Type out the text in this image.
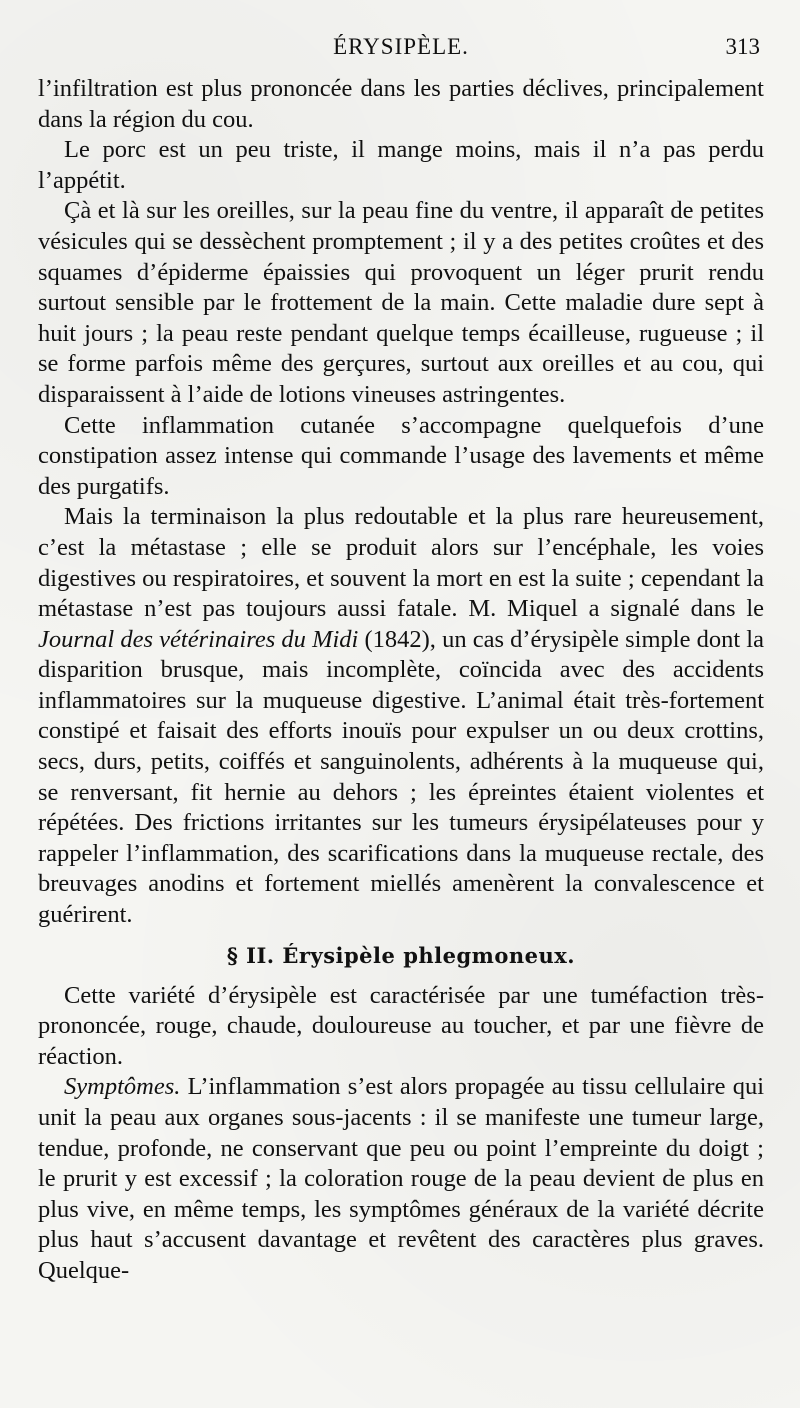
ÉRYSIPÈLE.	313

l’infiltration est plus prononcée dans les parties déclives, principalement dans la région du cou.

Le porc est un peu triste, il mange moins, mais il n’a pas perdu l’appétit.

Çà et là sur les oreilles, sur la peau fine du ventre, il apparaît de petites vésicules qui se dessèchent promptement ; il y a des petites croûtes et des squames d’épiderme épaissies qui provoquent un léger prurit rendu surtout sensible par le frottement de la main. Cette maladie dure sept à huit jours ; la peau reste pendant quelque temps écailleuse, rugueuse ; il se forme parfois même des gerçures, surtout aux oreilles et au cou, qui disparaissent à l’aide de lotions vineuses astringentes.

Cette inflammation cutanée s’accompagne quelquefois d’une constipation assez intense qui commande l’usage des lavements et même des purgatifs.

Mais la terminaison la plus redoutable et la plus rare heureusement, c’est la métastase ; elle se produit alors sur l’encéphale, les voies digestives ou respiratoires, et souvent la mort en est la suite ; cependant la métastase n’est pas toujours aussi fatale. M. Miquel a signalé dans le Journal des vétérinaires du Midi (1842), un cas d’érysipèle simple dont la disparition brusque, mais incomplète, coïncida avec des accidents inflammatoires sur la muqueuse digestive. L’animal était très-fortement constipé et faisait des efforts inouïs pour expulser un ou deux crottins, secs, durs, petits, coiffés et sanguinolents, adhérents à la muqueuse qui, se renversant, fit hernie au dehors ; les épreintes étaient violentes et répétées. Des frictions irritantes sur les tumeurs érysipélateuses pour y rappeler l’inflammation, des scarifications dans la muqueuse rectale, des breuvages anodins et fortement miellés amenèrent la convalescence et guérirent.

§ II. Érysipèle phlegmoneux.

Cette variété d’érysipèle est caractérisée par une tuméfaction très-prononcée, rouge, chaude, douloureuse au toucher, et par une fièvre de réaction.

Symptômes. L’inflammation s’est alors propagée au tissu cellulaire qui unit la peau aux organes sous-jacents : il se manifeste une tumeur large, tendue, profonde, ne conservant que peu ou point l’empreinte du doigt ; le prurit y est excessif ; la coloration rouge de la peau devient de plus en plus vive, en même temps, les symptômes généraux de la variété décrite plus haut s’accusent davantage et revêtent des caractères plus graves. Quelque-
